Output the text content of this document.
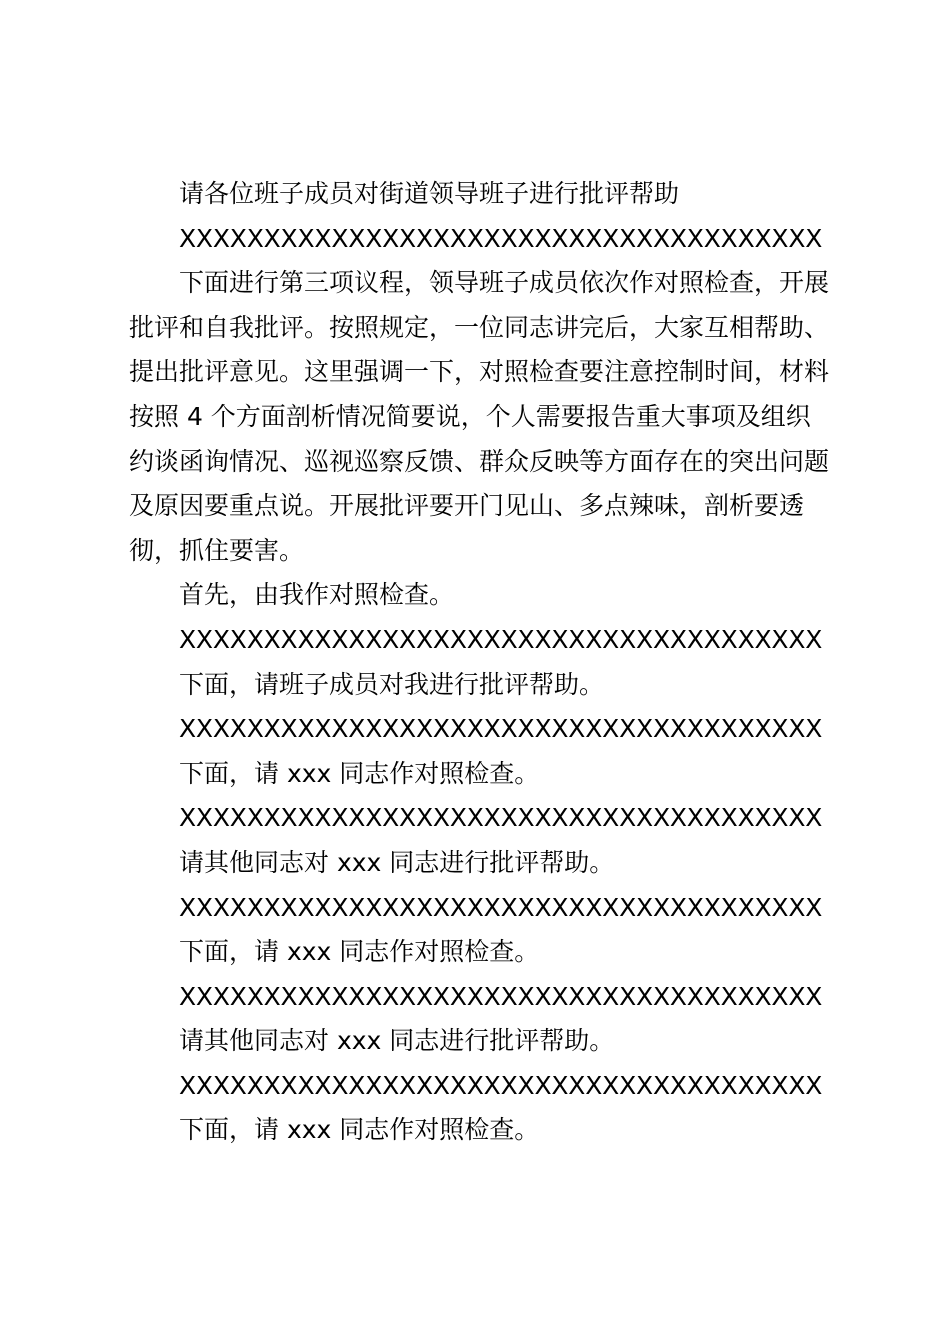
请各位班子成员对街道领导班子进行批评帮助

XXXXXXXXXXXXXXXXXXXXXXXXXXXXXXXXXXXXXX

下面进行第三项议程，领导班子成员依次作对照检查，开展批评和自我批评。按照规定，一位同志讲完后，大家互相帮助、提出批评意见。这里强调一下，对照检查要注意控制时间，材料按照 4 个方面剖析情况简要说，个人需要报告重大事项及组织约谈函询情况、巡视巡察反馈、群众反映等方面存在的突出问题及原因要重点说。开展批评要开门见山、多点辣味，剖析要透彻，抓住要害。

首先，由我作对照检查。

XXXXXXXXXXXXXXXXXXXXXXXXXXXXXXXXXXXXXX

下面，请班子成员对我进行批评帮助。

XXXXXXXXXXXXXXXXXXXXXXXXXXXXXXXXXXXXXX

下面，请 xxx 同志作对照检查。

XXXXXXXXXXXXXXXXXXXXXXXXXXXXXXXXXXXXXX

请其他同志对 xxx 同志进行批评帮助。

XXXXXXXXXXXXXXXXXXXXXXXXXXXXXXXXXXXXXX

下面，请 xxx 同志作对照检查。

XXXXXXXXXXXXXXXXXXXXXXXXXXXXXXXXXXXXXX

请其他同志对 xxx 同志进行批评帮助。

XXXXXXXXXXXXXXXXXXXXXXXXXXXXXXXXXXXXXX

下面，请 xxx 同志作对照检查。
